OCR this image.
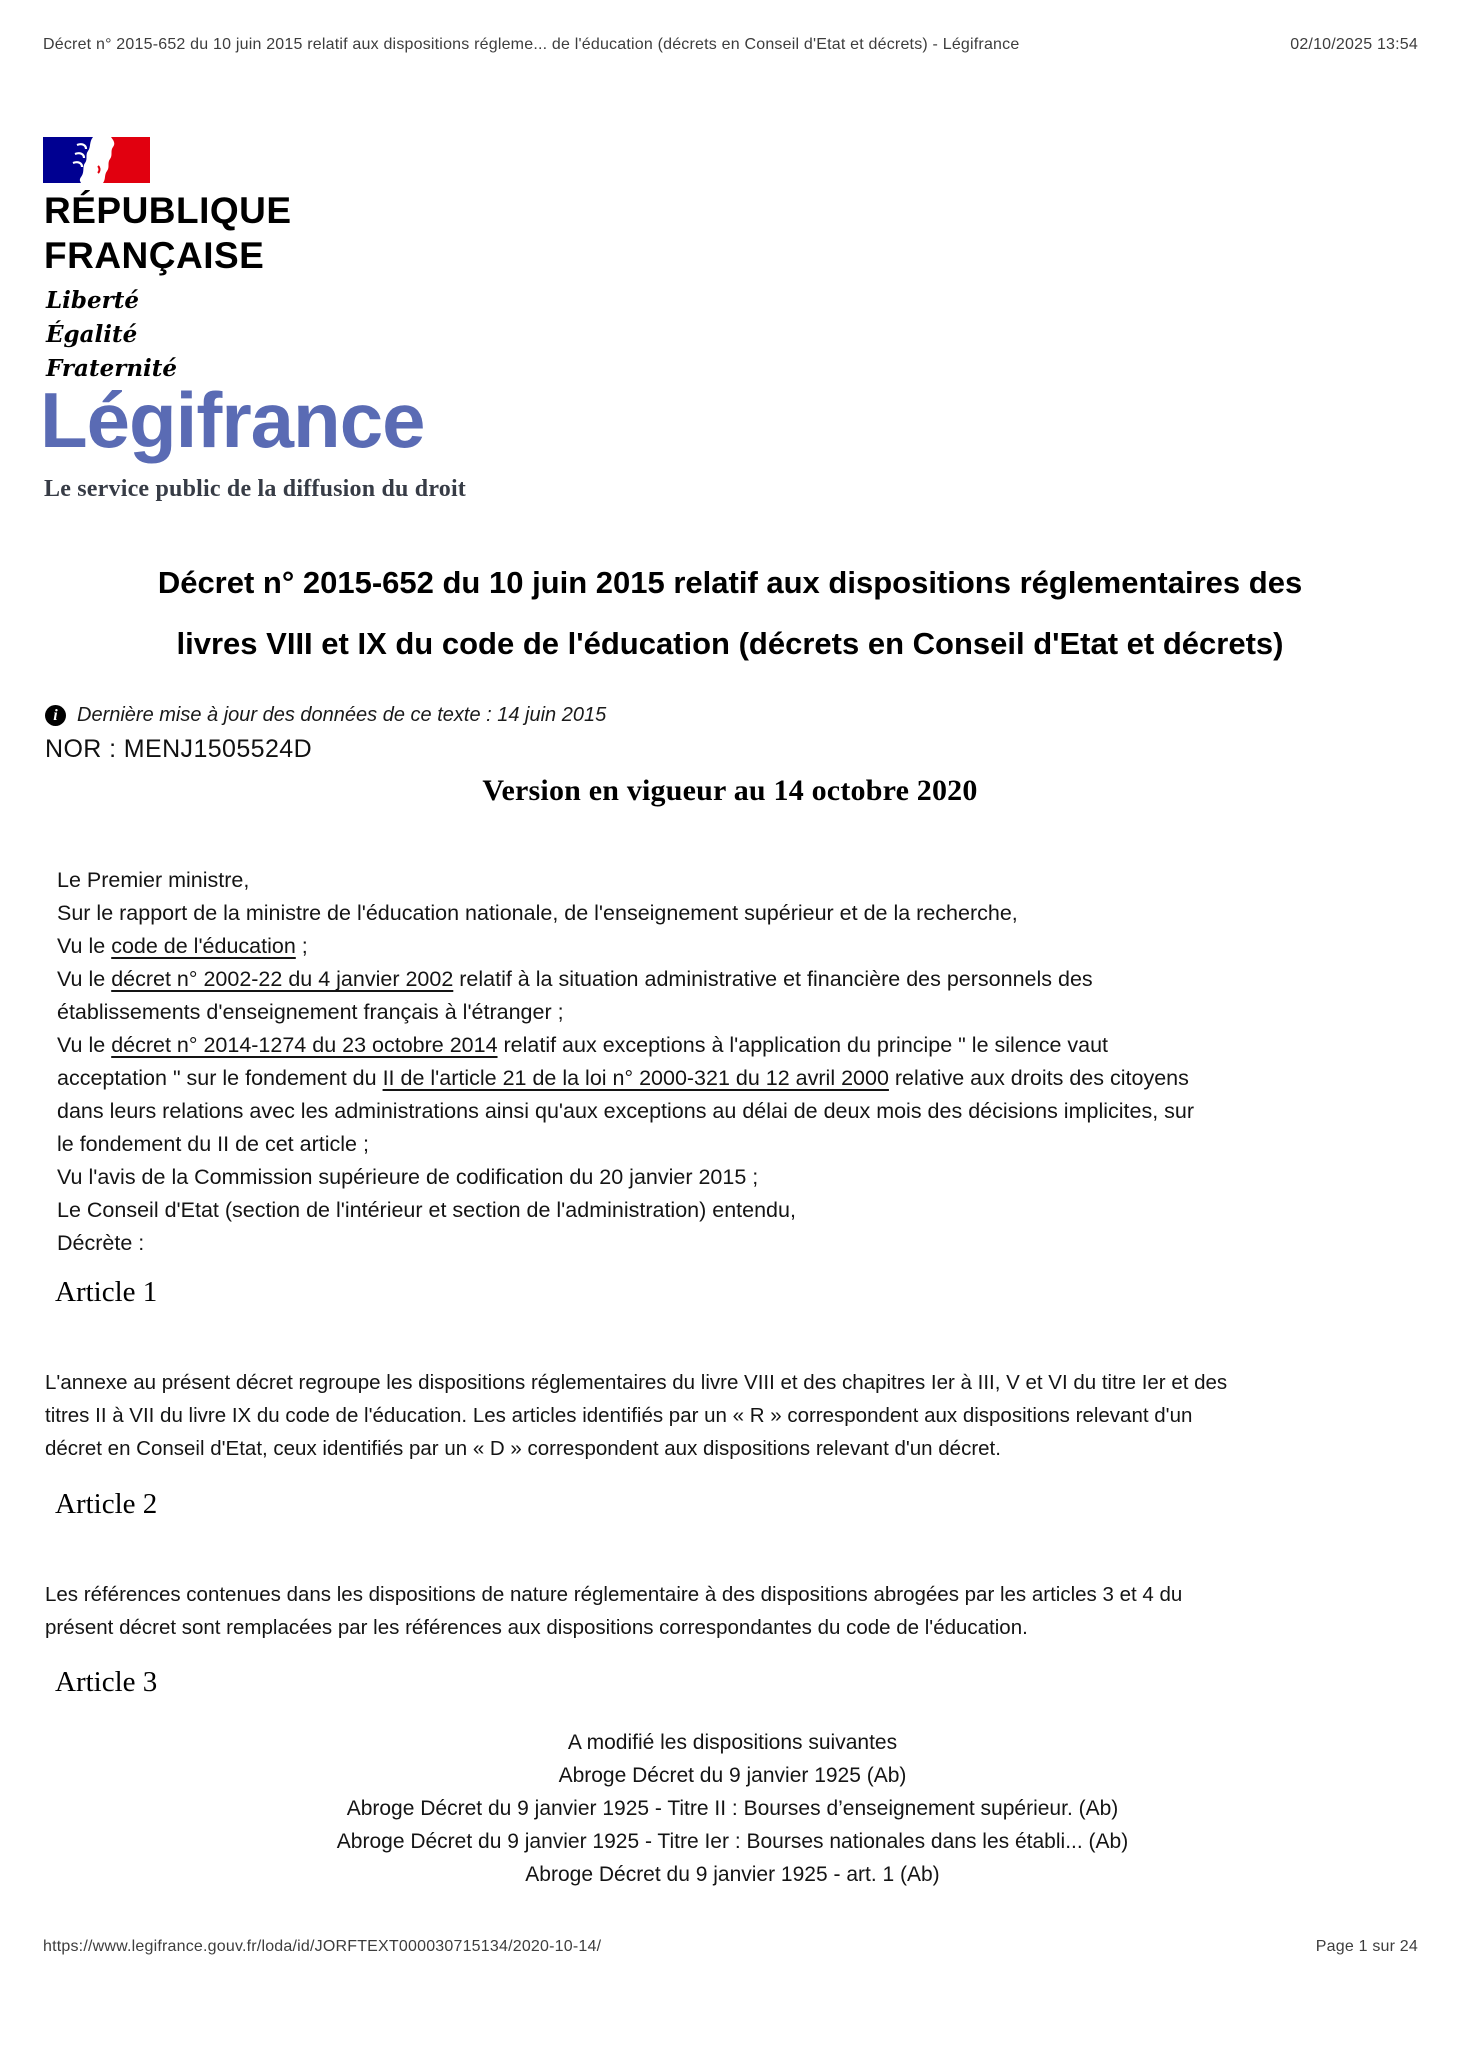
Décret n° 2015-652 du 10 juin 2015 relatif aux dispositions régleme... de l'éducation (décrets en Conseil d'Etat et décrets) - Légifrance	02/10/2025 13:54
RÉPUBLIQUE
FRANÇAISE
Liberté
Égalité
Fraternité
Légifrance
Le service public de la diffusion du droit
Décret n° 2015-652 du 10 juin 2015 relatif aux dispositions réglementaires des
livres VIII et IX du code de l'éducation (décrets en Conseil d'Etat et décrets)
i Dernière mise à jour des données de ce texte : 14 juin 2015
NOR : MENJ1505524D
Version en vigueur au 14 octobre 2020
Le Premier ministre,
Sur le rapport de la ministre de l'éducation nationale, de l'enseignement supérieur et de la recherche,
Vu le code de l'éducation ;
Vu le décret n° 2002-22 du 4 janvier 2002 relatif à la situation administrative et financière des personnels des
établissements d'enseignement français à l'étranger ;
Vu le décret n° 2014-1274 du 23 octobre 2014 relatif aux exceptions à l'application du principe " le silence vaut
acceptation " sur le fondement du II de l'article 21 de la loi n° 2000-321 du 12 avril 2000 relative aux droits des citoyens
dans leurs relations avec les administrations ainsi qu'aux exceptions au délai de deux mois des décisions implicites, sur
le fondement du II de cet article ;
Vu l'avis de la Commission supérieure de codification du 20 janvier 2015 ;
Le Conseil d'Etat (section de l'intérieur et section de l'administration) entendu,
Décrète :
Article 1
L'annexe au présent décret regroupe les dispositions réglementaires du livre VIII et des chapitres Ier à III, V et VI du titre Ier et des
titres II à VII du livre IX du code de l'éducation. Les articles identifiés par un « R » correspondent aux dispositions relevant d'un
décret en Conseil d'Etat, ceux identifiés par un « D » correspondent aux dispositions relevant d'un décret.
Article 2
Les références contenues dans les dispositions de nature réglementaire à des dispositions abrogées par les articles 3 et 4 du
présent décret sont remplacées par les références aux dispositions correspondantes du code de l'éducation.
Article 3
A modifié les dispositions suivantes
Abroge Décret du 9 janvier 1925 (Ab)
Abroge Décret du 9 janvier 1925 - Titre II : Bourses d’enseignement supérieur. (Ab)
Abroge Décret du 9 janvier 1925 - Titre Ier : Bourses nationales dans les établi... (Ab)
Abroge Décret du 9 janvier 1925 - art. 1 (Ab)
https://www.legifrance.gouv.fr/loda/id/JORFTEXT000030715134/2020-10-14/	Page 1 sur 24
